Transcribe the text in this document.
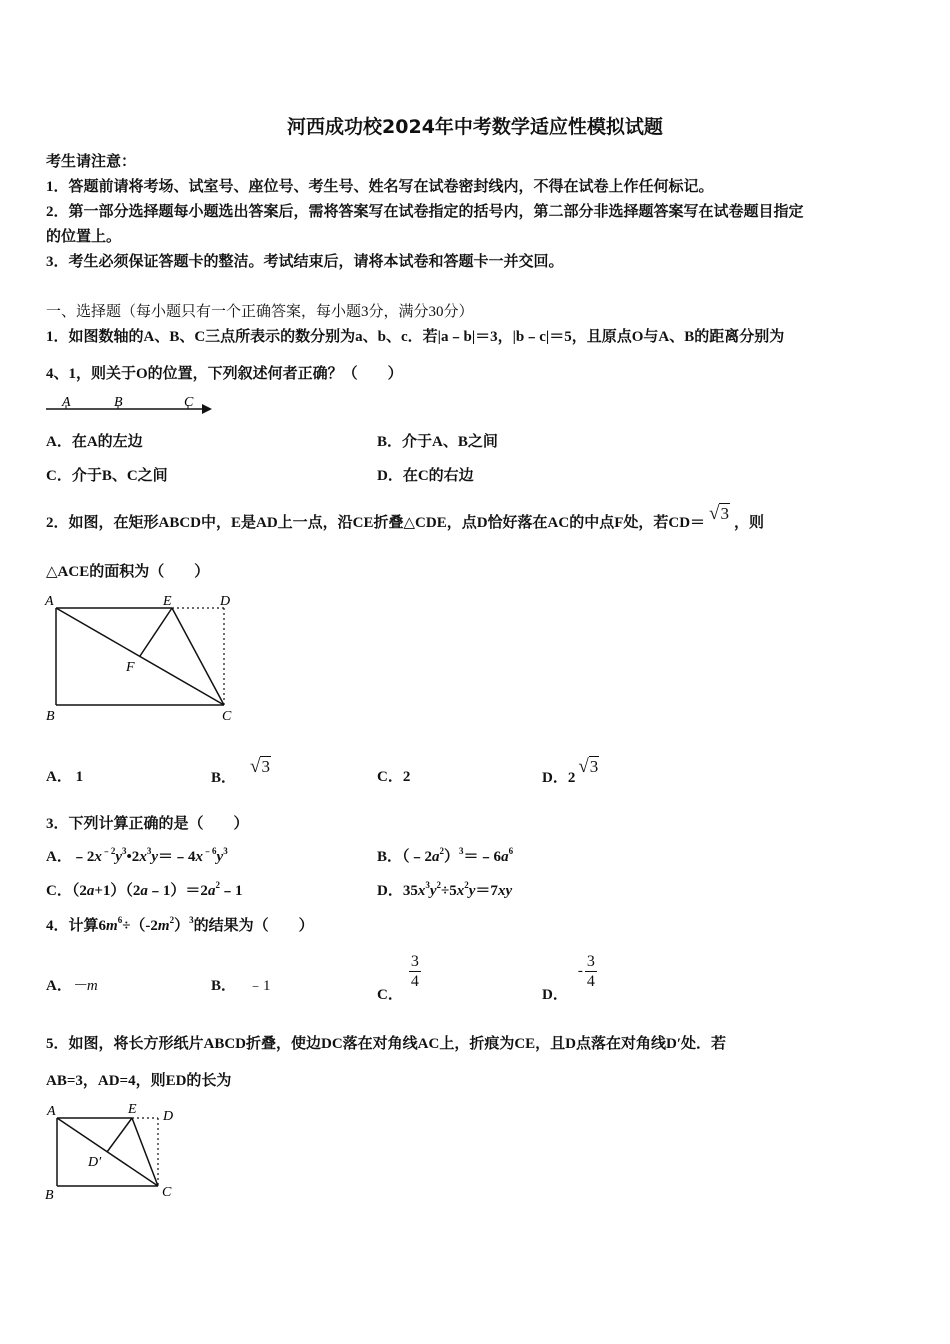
河西成功校2024年中考数学适应性模拟试题
考生请注意：
1．答题前请将考场、试室号、座位号、考生号、姓名写在试卷密封线内，不得在试卷上作任何标记。
2．第一部分选择题每小题选出答案后，需将答案写在试卷指定的括号内，第二部分非选择题答案写在试卷题目指定
的位置上。
3．考生必须保证答题卡的整洁。考试结束后，请将本试卷和答题卡一并交回。
一、选择题（每小题只有一个正确答案，每小题3分，满分30分）
1．如图数轴的A、B、C三点所表示的数分别为a、b、c．若|a﹣b|＝3，|b﹣c|＝5，且原点O与A、B的距离分别为
4、1，则关于O的位置，下列叙述何者正确？（　　）
A	B	C
A．在A的左边	B．介于A、B之间
C．介于B、C之间	D．在C的右边
2．如图，在矩形ABCD中，E是AD上一点，沿CE折叠△CDE，点D恰好落在AC的中点F处，若CD＝ √3 ，则
△ACE的面积为（　　）
A	E	D
F
B	C
A． 1	B．√3
C．2	D．2√3
3．下列计算正确的是（　　）
A．$﹣2x^{﹣2}y^3•2x^3y=﹣4x^{﹣6}y^3$	B．$(﹣2a^2)^3=﹣6a^6$
C．$(2a+1)(2a﹣1)=2a^2﹣1$	D．$35x^3y^2\div 5x^2y=7xy$
4．计算$6m^6\div(-2m^2)^3$的结果为（　　）
A．－m	B． ﹣1
C．
$\frac{3}{4}$
D．- $\frac{3}{4}$
5．如图，将长方形纸片ABCD折叠，使边DC落在对角线AC上，折痕为CE，且D点落在对角线D′处．若
AB=3，AD=4，则ED的长为
A	E D
D′
B	C
